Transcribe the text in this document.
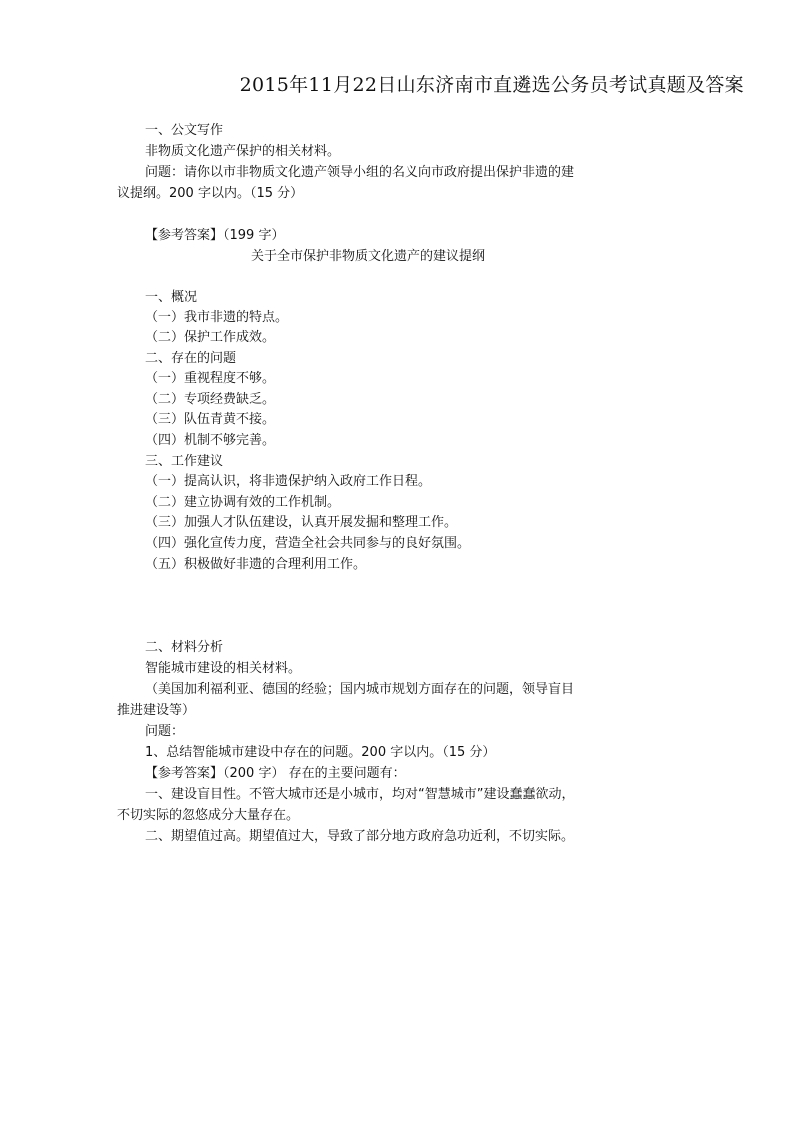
2015年11月22日山东济南市直遴选公务员考试真题及答案
一、公文写作
非物质文化遗产保护的相关材料。
问题：请你以市非物质文化遗产领导小组的名义向市政府提出保护非遗的建
议提纲。200 字以内。（15 分）
【参考答案】（199 字）
关于全市保护非物质文化遗产的建议提纲
一、概况
（一）我市非遗的特点。
（二）保护工作成效。
二、存在的问题
（一）重视程度不够。
（二）专项经费缺乏。
（三）队伍青黄不接。
（四）机制不够完善。
三、工作建议
（一）提高认识，将非遗保护纳入政府工作日程。
（二）建立协调有效的工作机制。
（三）加强人才队伍建设，认真开展发掘和整理工作。
（四）强化宣传力度，营造全社会共同参与的良好氛围。
（五）积极做好非遗的合理利用工作。
二、材料分析
智能城市建设的相关材料。
（美国加利福利亚、德国的经验；国内城市规划方面存在的问题，领导盲目
推进建设等）
问题：
1、总结智能城市建设中存在的问题。200 字以内。（15 分）
【参考答案】（200 字） 存在的主要问题有：
一、建设盲目性。不管大城市还是小城市，均对“智慧城市”建设蠢蠢欲动，
不切实际的忽悠成分大量存在。
二、期望值过高。期望值过大，导致了部分地方政府急功近利，不切实际。
